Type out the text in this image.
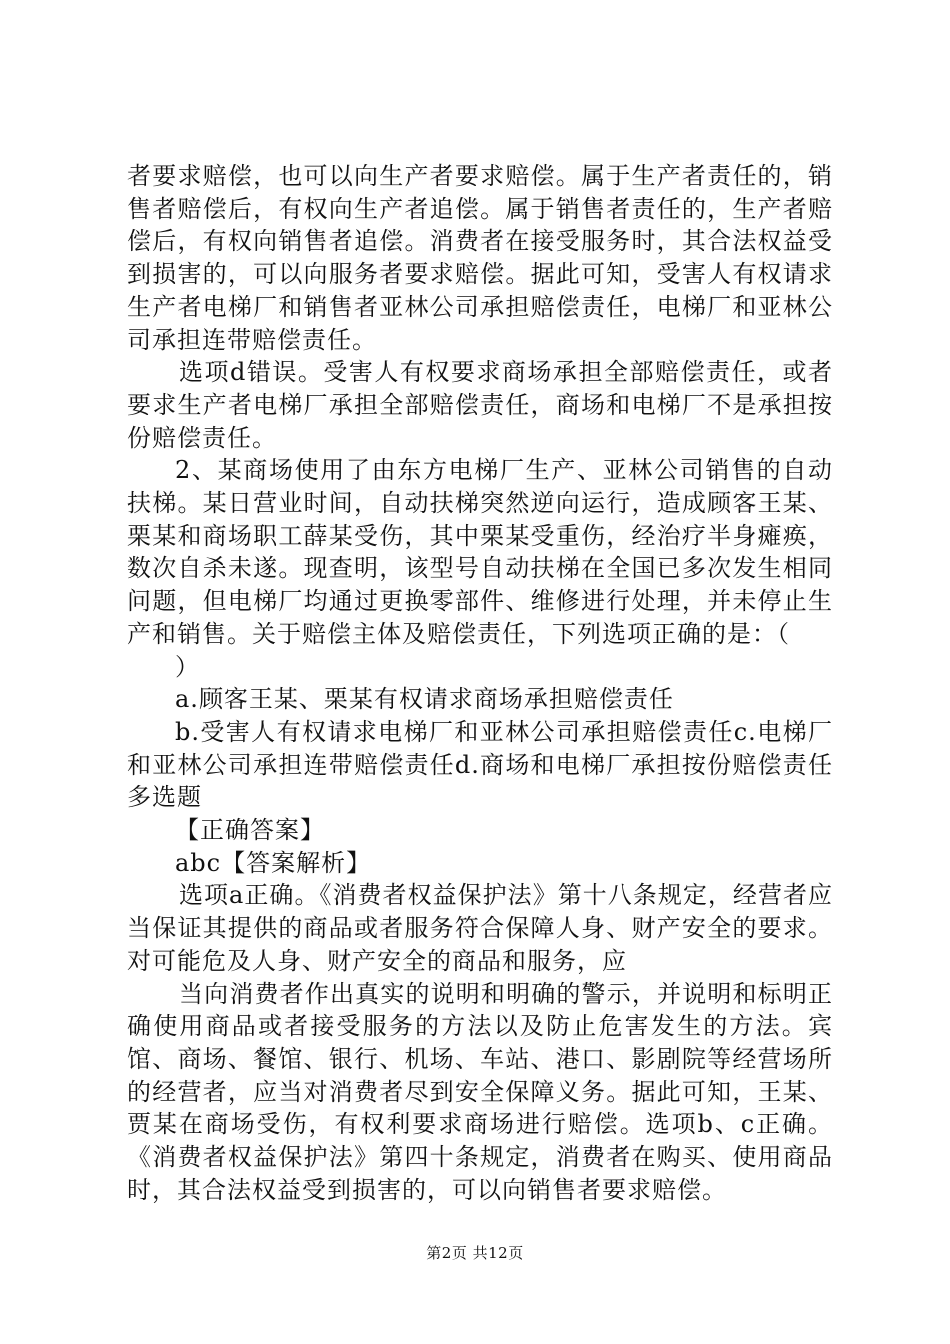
者要求赔偿，也可以向生产者要求赔偿。属于生产者责任的，销售者赔偿后，有权向生产者追偿。属于销售者责任的，生产者赔偿后，有权向销售者追偿。消费者在接受服务时，其合法权益受到损害的，可以向服务者要求赔偿。据此可知，受害人有权请求生产者电梯厂和销售者亚林公司承担赔偿责任，电梯厂和亚林公司承担连带赔偿责任。

选项d错误。受害人有权要求商场承担全部赔偿责任，或者要求生产者电梯厂承担全部赔偿责任，商场和电梯厂不是承担按份赔偿责任。

2、某商场使用了由东方电梯厂生产、亚林公司销售的自动扶梯。某日营业时间，自动扶梯突然逆向运行，造成顾客王某、栗某和商场职工薛某受伤，其中栗某受重伤，经治疗半身瘫痪，数次自杀未遂。现查明，该型号自动扶梯在全国已多次发生相同问题，但电梯厂均通过更换零部件、维修进行处理，并未停止生产和销售。关于赔偿主体及赔偿责任，下列选项正确的是：（

）

a.顾客王某、栗某有权请求商场承担赔偿责任

b.受害人有权请求电梯厂和亚林公司承担赔偿责任c.电梯厂和亚林公司承担连带赔偿责任d.商场和电梯厂承担按份赔偿责任多选题

【正确答案】

abc【答案解析】

选项a正确。《消费者权益保护法》第十八条规定，经营者应当保证其提供的商品或者服务符合保障人身、财产安全的要求。对可能危及人身、财产安全的商品和服务，应

当向消费者作出真实的说明和明确的警示，并说明和标明正确使用商品或者接受服务的方法以及防止危害发生的方法。宾馆、商场、餐馆、银行、机场、车站、港口、影剧院等经营场所的经营者，应当对消费者尽到安全保障义务。据此可知，王某、贾某在商场受伤，有权利要求商场进行赔偿。选项b、c正确。《消费者权益保护法》第四十条规定，消费者在购买、使用商品时，其合法权益受到损害的，可以向销售者要求赔偿。

第2页 共12页
